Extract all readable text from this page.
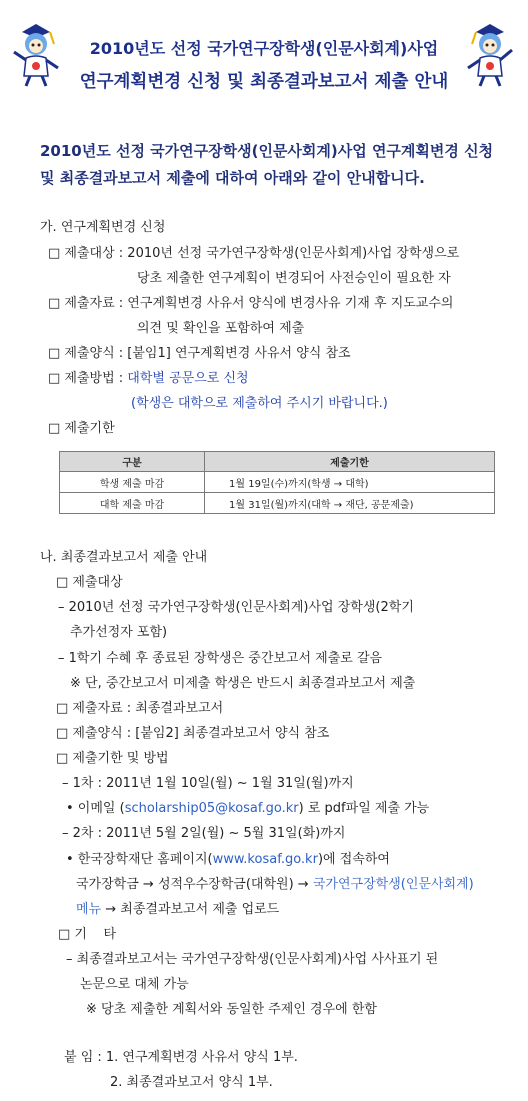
2010년도 선정 국가연구장학생(인문사회계)사업
연구계획변경 신청 및 최종결과보고서 제출 안내
2010년도 선정 국가연구장학생(인문사회계)사업 연구계획변경 신청
및 최종결과보고서 제출에 대하여 아래와 같이 안내합니다.
가. 연구계획변경 신청
□ 제출대상 : 2010년 선정 국가연구장학생(인문사회계)사업 장학생으로
당초 제출한 연구계획이 변경되어 사전승인이 필요한 자
□ 제출자료 : 연구계획변경 사유서 양식에 변경사유 기재 후 지도교수의
의견 및 확인을 포함하여 제출
□ 제출양식 : [붙임1] 연구계획변경 사유서 양식 참조
□ 제출방법 : 대학별 공문으로 신청
(학생은 대학으로 제출하여 주시기 바랍니다.)
□ 제출기한
구분	제출기한
학생 제출 마감	1월 19일(수)까지(학생 → 대학)
대학 제출 마감	1월 31일(월)까지(대학 → 재단, 공문제출)
나. 최종결과보고서 제출 안내
□ 제출대상
– 2010년 선정 국가연구장학생(인문사회계)사업 장학생(2학기
추가선정자 포함)
– 1학기 수혜 후 종료된 장학생은 중간보고서 제출로 갈음
※ 단, 중간보고서 미제출 학생은 반드시 최종결과보고서 제출
□ 제출자료 : 최종결과보고서
□ 제출양식 : [붙임2] 최종결과보고서 양식 참조
□ 제출기한 및 방법
– 1차 : 2011년 1월 10일(월) ~ 1월 31일(월)까지
• 이메일 (scholarship05@kosaf.go.kr) 로 pdf파일 제출 가능
– 2차 : 2011년 5월 2일(월) ~ 5월 31일(화)까지
• 한국장학재단 홈페이지(www.kosaf.go.kr)에 접속하여
국가장학금 → 성적우수장학금(대학원) → 국가연구장학생(인문사회계)
메뉴 → 최종결과보고서 제출 업로드
□ 기    타
– 최종결과보고서는 국가연구장학생(인문사회계)사업 사사표기 된
논문으로 대체 가능
※ 당초 제출한 계획서와 동일한 주제인 경우에 한함
붙 임 : 1. 연구계획변경 사유서 양식 1부.
2. 최종결과보고서 양식 1부.
